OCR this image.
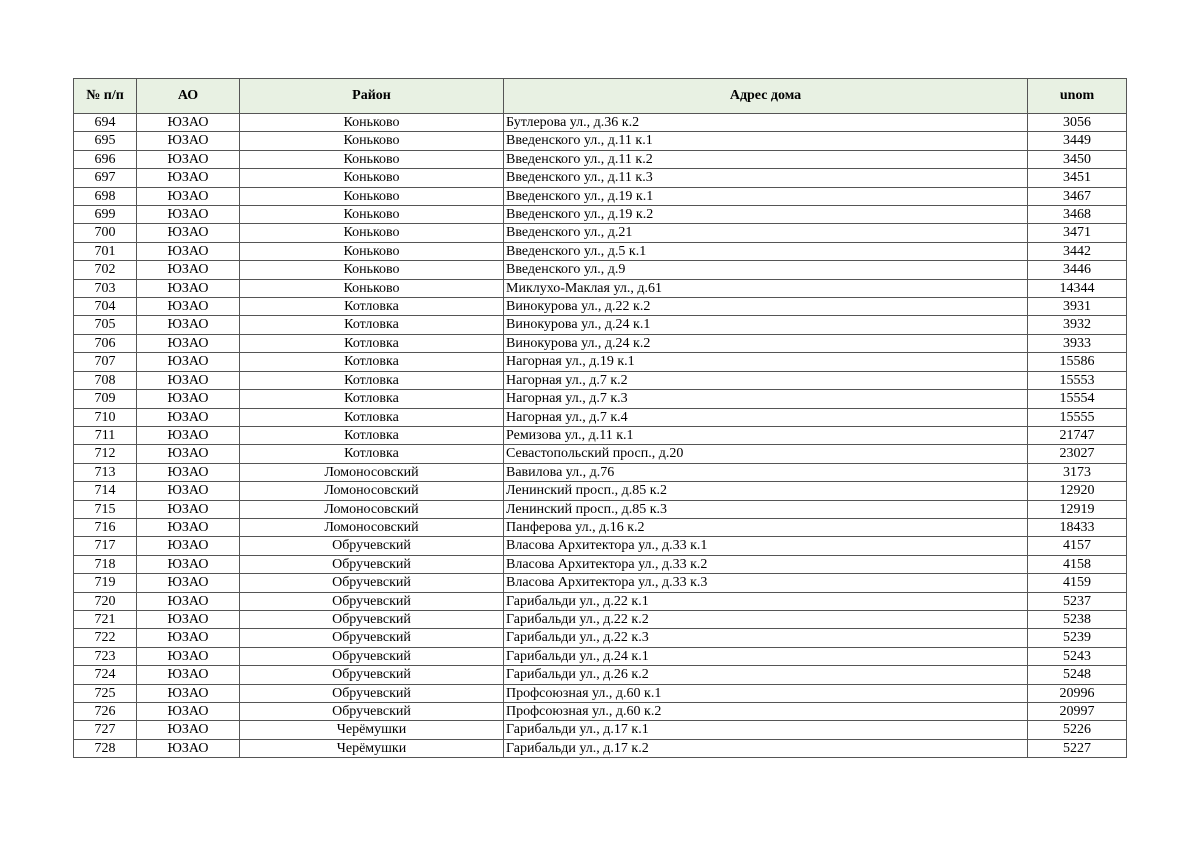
№ п/п	АО	Район	Адрес дома	unom
694	ЮЗАО	Коньково	Бутлерова ул., д.36 к.2	3056
695	ЮЗАО	Коньково	Введенского ул., д.11 к.1	3449
696	ЮЗАО	Коньково	Введенского ул., д.11 к.2	3450
697	ЮЗАО	Коньково	Введенского ул., д.11 к.3	3451
698	ЮЗАО	Коньково	Введенского ул., д.19 к.1	3467
699	ЮЗАО	Коньково	Введенского ул., д.19 к.2	3468
700	ЮЗАО	Коньково	Введенского ул., д.21	3471
701	ЮЗАО	Коньково	Введенского ул., д.5 к.1	3442
702	ЮЗАО	Коньково	Введенского ул., д.9	3446
703	ЮЗАО	Коньково	Миклухо-Маклая ул., д.61	14344
704	ЮЗАО	Котловка	Винокурова ул., д.22 к.2	3931
705	ЮЗАО	Котловка	Винокурова ул., д.24 к.1	3932
706	ЮЗАО	Котловка	Винокурова ул., д.24 к.2	3933
707	ЮЗАО	Котловка	Нагорная ул., д.19 к.1	15586
708	ЮЗАО	Котловка	Нагорная ул., д.7 к.2	15553
709	ЮЗАО	Котловка	Нагорная ул., д.7 к.3	15554
710	ЮЗАО	Котловка	Нагорная ул., д.7 к.4	15555
711	ЮЗАО	Котловка	Ремизова ул., д.11 к.1	21747
712	ЮЗАО	Котловка	Севастопольский просп., д.20	23027
713	ЮЗАО	Ломоносовский	Вавилова ул., д.76	3173
714	ЮЗАО	Ломоносовский	Ленинский просп., д.85 к.2	12920
715	ЮЗАО	Ломоносовский	Ленинский просп., д.85 к.3	12919
716	ЮЗАО	Ломоносовский	Панферова ул., д.16 к.2	18433
717	ЮЗАО	Обручевский	Власова Архитектора ул., д.33 к.1	4157
718	ЮЗАО	Обручевский	Власова Архитектора ул., д.33 к.2	4158
719	ЮЗАО	Обручевский	Власова Архитектора ул., д.33 к.3	4159
720	ЮЗАО	Обручевский	Гарибальди ул., д.22 к.1	5237
721	ЮЗАО	Обручевский	Гарибальди ул., д.22 к.2	5238
722	ЮЗАО	Обручевский	Гарибальди ул., д.22 к.3	5239
723	ЮЗАО	Обручевский	Гарибальди ул., д.24 к.1	5243
724	ЮЗАО	Обручевский	Гарибальди ул., д.26 к.2	5248
725	ЮЗАО	Обручевский	Профсоюзная ул., д.60 к.1	20996
726	ЮЗАО	Обручевский	Профсоюзная ул., д.60 к.2	20997
727	ЮЗАО	Черёмушки	Гарибальди ул., д.17 к.1	5226
728	ЮЗАО	Черёмушки	Гарибальди ул., д.17 к.2	5227
